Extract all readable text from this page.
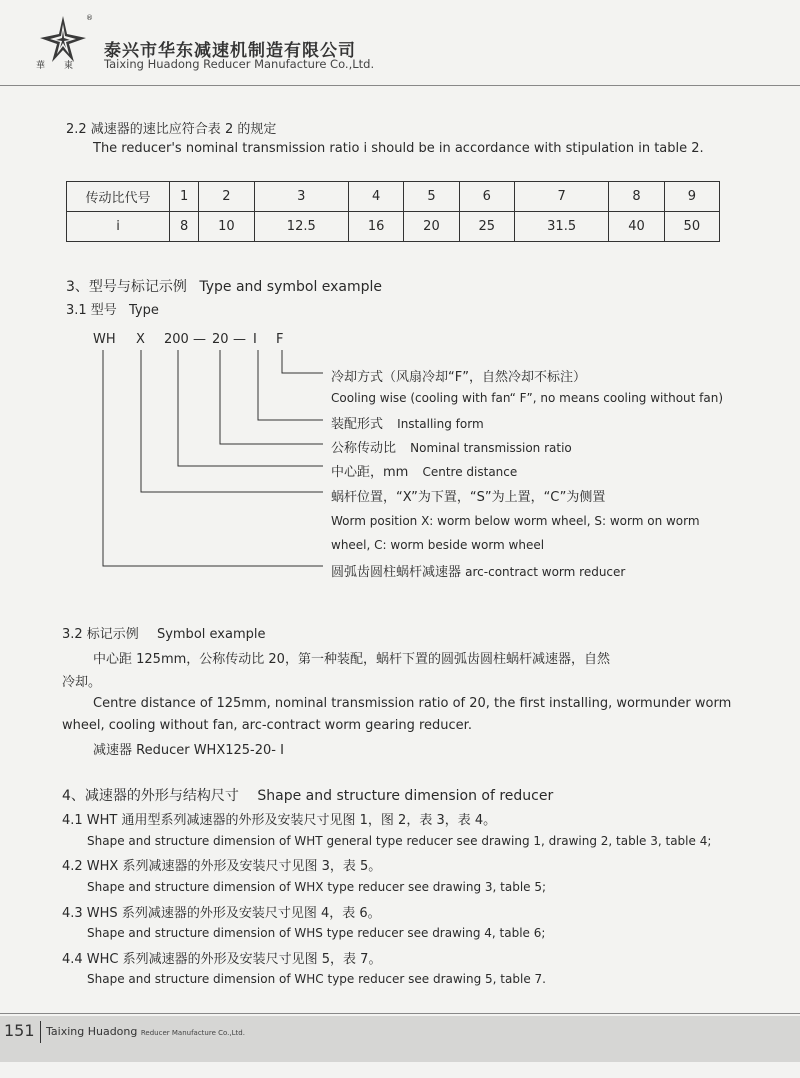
華 東
®
泰兴市华东减速机制造有限公司
Taixing Huadong Reducer Manufacture Co.,Ltd.
2.2 减速器的速比应符合表 2 的规定
The reducer's nominal transmission ratio i should be in accordance with stipulation in table 2.
传动比代号	1	2	3	4	5	6	7	8	9
i	8	10	12.5	16	20	25	31.5	40	50
3、型号与标记示例 Type and symbol example
3.1 型号 Type
WH X 200 — 20 — Ⅰ F
冷却方式（风扇冷却“F”，自然冷却不标注）
Cooling wise (cooling with fan“ F”, no means cooling without fan)
装配形式 Installing form
公称传动比 Nominal transmission ratio
中心距，mm Centre distance
蜗杆位置，“X”为下置，“S”为上置，“C”为侧置
Worm position X: worm below worm wheel, S: worm on worm
wheel, C: worm beside worm wheel
圆弧齿圆柱蜗杆减速器 arc-contract worm reducer
3.2 标记示例 Symbol example
中心距 125mm，公称传动比 20，第一种装配，蜗杆下置的圆弧齿圆柱蜗杆减速器，自然
冷却。
Centre distance of 125mm, nominal transmission ratio of 20, the first installing, wormunder worm
wheel, cooling without fan, arc-contract worm gearing reducer.
减速器 Reducer WHX125-20- Ⅰ
4、减速器的外形与结构尺寸 Shape and structure dimension of reducer
4.1 WHT 通用型系列减速器的外形及安装尺寸见图 1，图 2，表 3，表 4。
Shape and structure dimension of WHT general type reducer see drawing 1, drawing 2, table 3, table 4;
4.2 WHX 系列减速器的外形及安装尺寸见图 3，表 5。
Shape and structure dimension of WHX type reducer see drawing 3, table 5;
4.3 WHS 系列减速器的外形及安装尺寸见图 4，表 6。
Shape and structure dimension of WHS type reducer see drawing 4, table 6;
4.4 WHC 系列减速器的外形及安装尺寸见图 5，表 7。
Shape and structure dimension of WHC type reducer see drawing 5, table 7.
151 Taixing Huadong Reducer Manufacture Co.,Ltd.
